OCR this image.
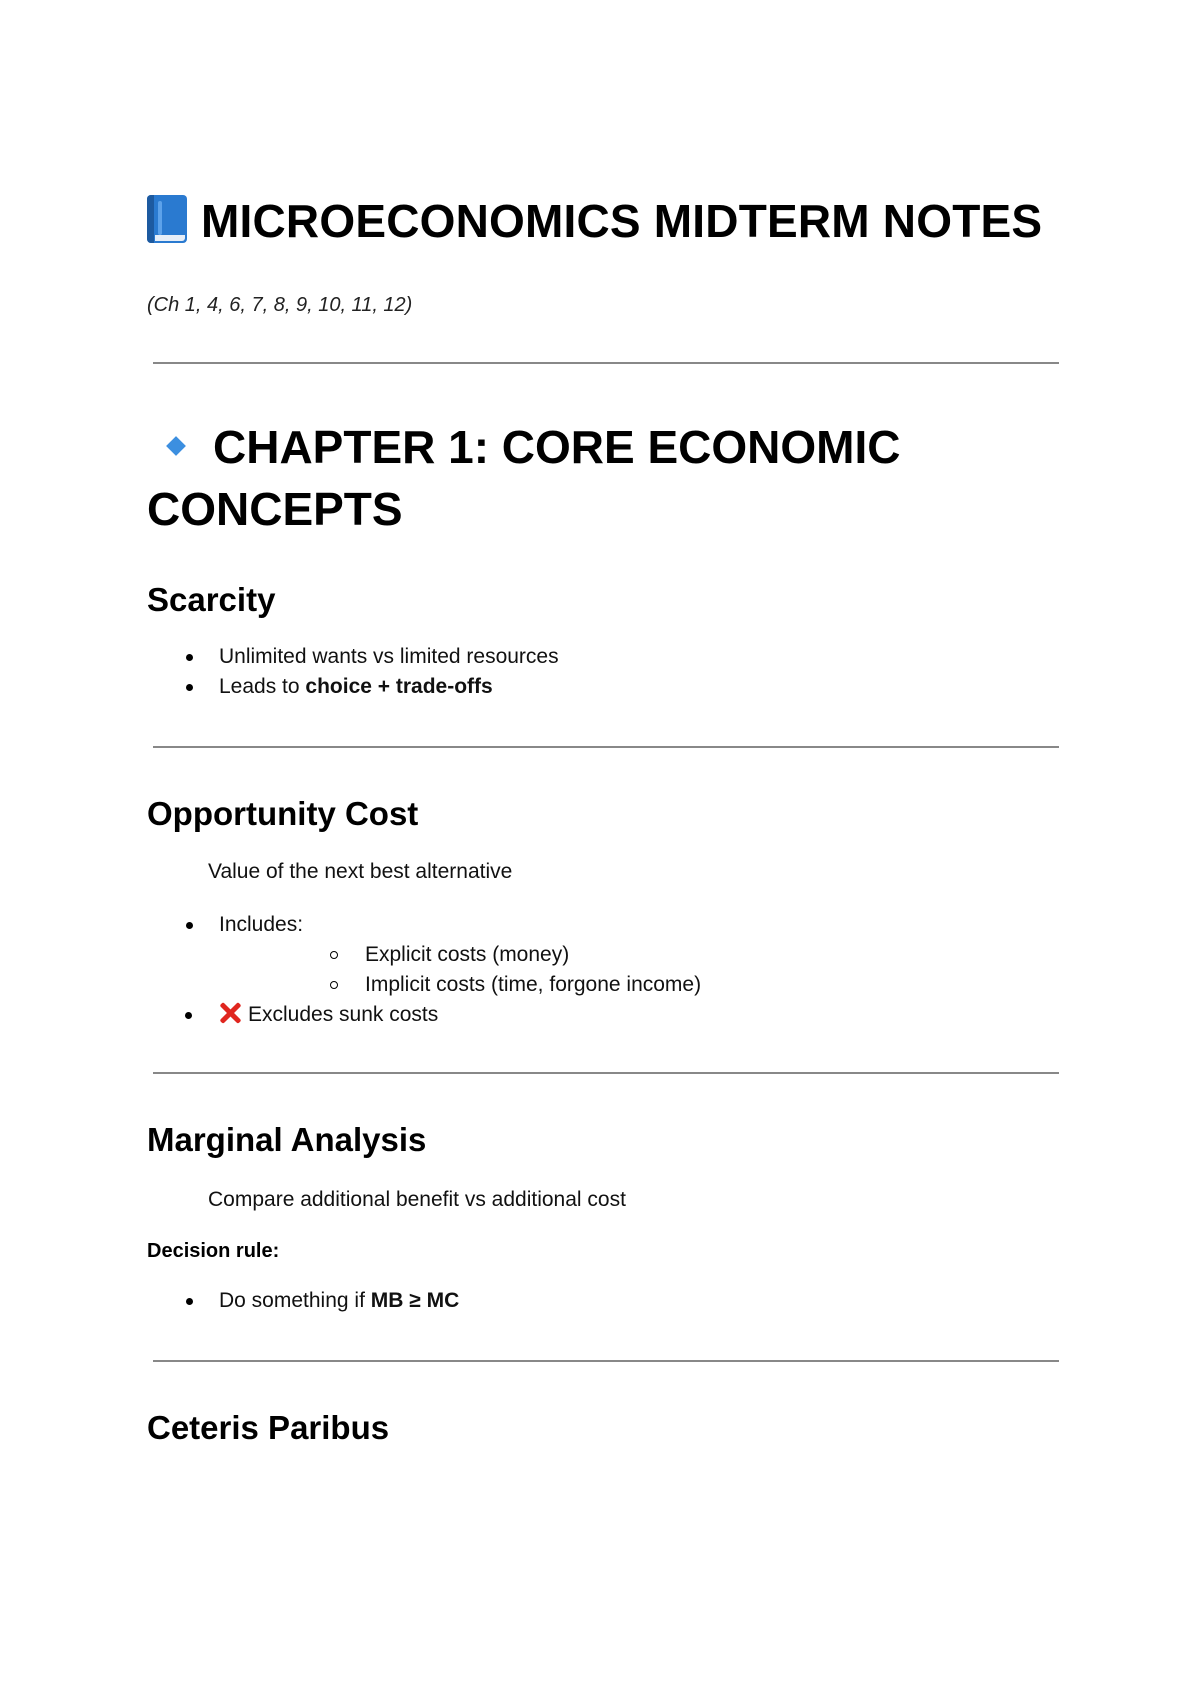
MICROECONOMICS MIDTERM NOTES

(Ch 1, 4, 6, 7, 8, 9, 10, 11, 12)

CHAPTER 1: CORE ECONOMIC CONCEPTS
Scarcity
Unlimited wants vs limited resources
Leads to choice + trade-offs
Opportunity Cost

Value of the next best alternative

Includes:
Explicit costs (money)
Implicit costs (time, forgone income)
Excludes sunk costs
Marginal Analysis

Compare additional benefit vs additional cost

Decision rule:

Do something if MB ≥ MC
Ceteris Paribus
